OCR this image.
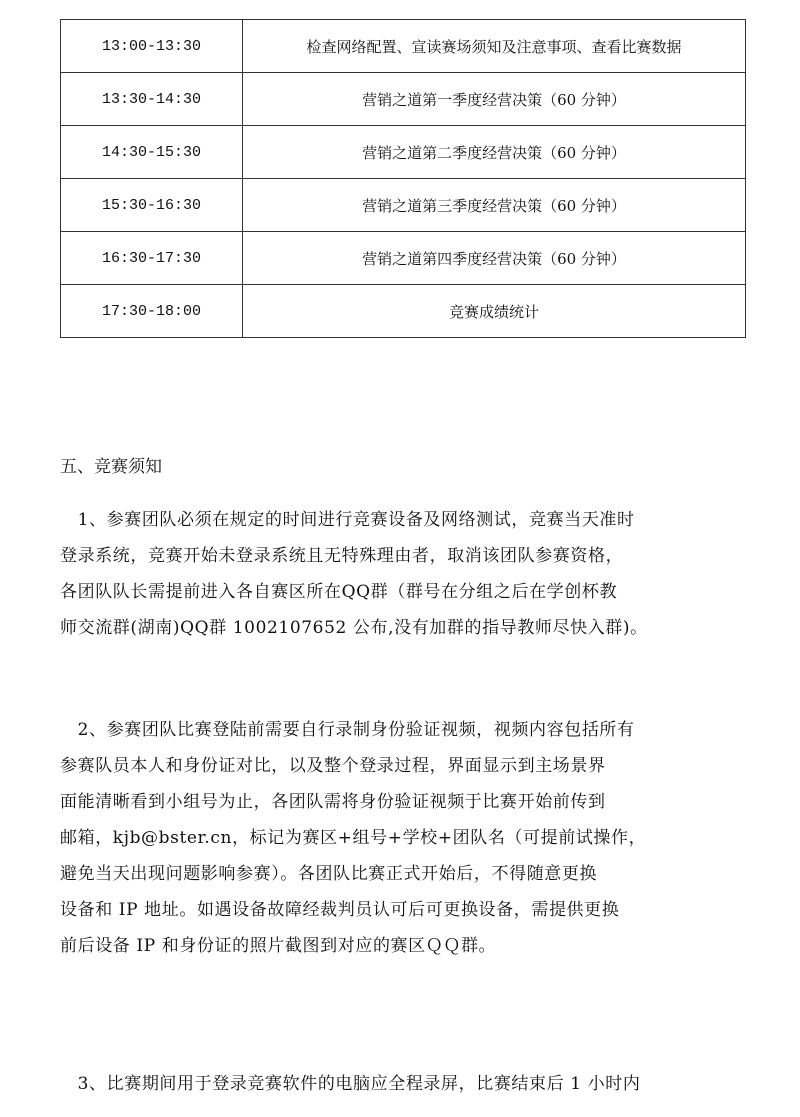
13:00-13:30	检查网络配置、宣读赛场须知及注意事项、查看比赛数据
13:30-14:30	营销之道第一季度经营决策（60 分钟）
14:30-15:30	营销之道第二季度经营决策（60 分钟）
15:30-16:30	营销之道第三季度经营决策（60 分钟）
16:30-17:30	营销之道第四季度经营决策（60 分钟）
17:30-18:00	竞赛成绩统计
五、竞赛须知
　1、参赛团队必须在规定的时间进行竞赛设备及网络测试，竞赛当天准时
登录系统，竞赛开始未登录系统且无特殊理由者，取消该团队参赛资格，
各团队队长需提前进入各自赛区所在QQ群（群号在分组之后在学创杯教
师交流群(湖南)QQ群 1002107652 公布,没有加群的指导教师尽快入群)。
　2、参赛团队比赛登陆前需要自行录制身份验证视频，视频内容包括所有
参赛队员本人和身份证对比，以及整个登录过程，界面显示到主场景界
面能清晰看到小组号为止，各团队需将身份验证视频于比赛开始前传到
邮箱，kjb@bster.cn，标记为赛区+组号+学校+团队名（可提前试操作，
避免当天出现问题影响参赛）。各团队比赛正式开始后，不得随意更换
设备和 IP 地址。如遇设备故障经裁判员认可后可更换设备，需提供更换
前后设备 IP 和身份证的照片截图到对应的赛区ＱＱ群。
　3、比赛期间用于登录竞赛软件的电脑应全程录屏，比赛结束后 1 小时内
